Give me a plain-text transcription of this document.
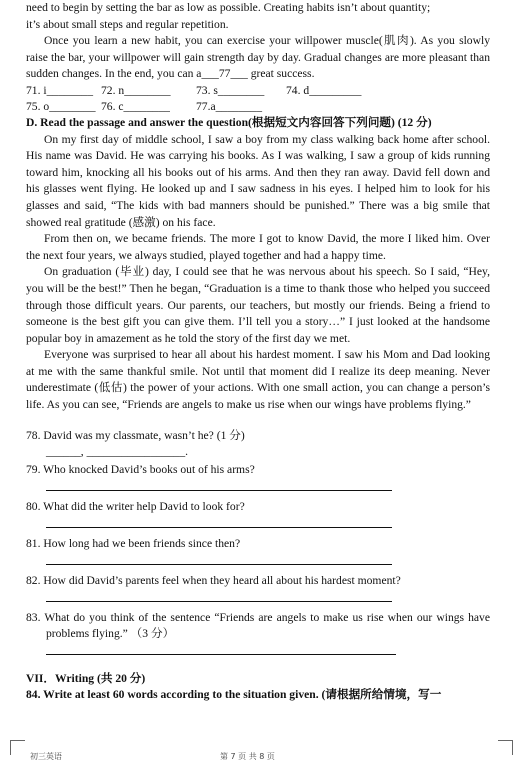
need to begin by setting the bar as low as possible. Creating habits isn’t about quantity;

it’s about small steps and regular repetition.

Once you learn a new habit, you can exercise your willpower muscle(肌肉). As you slowly raise the bar, your willpower will gain strength day by day. Gradual changes are more pleasant than sudden changes. In the end, you can a___77___ great success.

71. i________ 72. n________	73. s________	74. d_________
75. o________ 76. c________	77.a________

D. Read the passage and answer the question(根据短文内容回答下列问题) (12 分)

On my first day of middle school, I saw a boy from my class walking back home after school. His name was David. He was carrying his books. As I was walking, I saw a group of kids running toward him, knocking all his books out of his arms. And then they ran away. David fell down and his glasses went flying. He looked up and I saw sadness in his eyes. I helped him to look for his glasses and said, “The kids with bad manners should be punished.” There was a big smile that showed real gratitude (感激) on his face.

From then on, we became friends. The more I got to know David, the more I liked him. Over the next four years, we always studied, played together and had a happy time.

On graduation (毕业) day, I could see that he was nervous about his speech. So I said, “Hey, you will be the best!” Then he began, “Graduation is a time to thank those who helped you succeed through those difficult years. Our parents, our teachers, but mostly our friends. Being a friend to someone is the best gift you can give them. I’ll tell you a story…” I just looked at the handsome popular boy in amazement as he told the story of the first day we met.

Everyone was surprised to hear all about his hardest moment. I saw his Mom and Dad looking at me with the same thankful smile. Not until that moment did I realize its deep meaning. Never underestimate (低估) the power of your actions. With one small action, you can change a person’s life. As you can see, “Friends are angels to make us rise when our wings have problems flying.”

78. David was my classmate, wasn’t he? (1 分)

______, _________________.

79. Who knocked David’s books out of his arms?

80. What did the writer help David to look for?

81. How long had we been friends since then?

82. How did David’s parents feel when they heard all about his hardest moment?

83. What do you think of the sentence “Friends are angels to make us rise when our wings have problems flying.” （3 分）

VII．Writing (共 20 分)

84. Write at least 60 words according to the situation given. (请根据所给情境，写一

初三英语	第 7 页 共 8 页
